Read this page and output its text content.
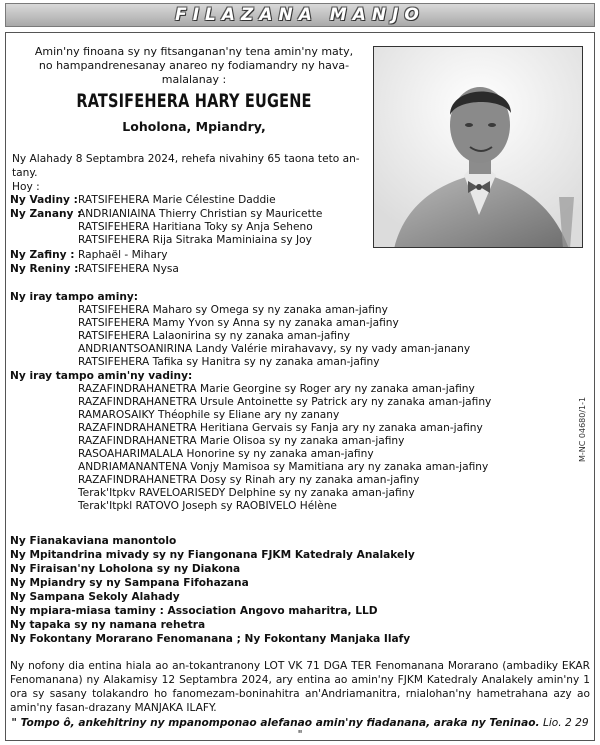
FILAZANA MANJO
Amin'ny finoana sy ny fitsanganan'ny tena amin'ny maty,
no hampandrenesanay anareo ny fodiamandry ny hava-malalanay :
RATSIFEHERA HARY EUGENE
Loholona, Mpiandry,
Ny Alahady 8 Septambra 2024, rehefa nivahiny 65 taona teto an-tany.
Hoy :
Ny Vadiny : RATSIFEHERA Marie Célestine Daddie
Ny Zanany :
ANDRIANIAINA Thierry Christian sy Mauricette
RATSIFEHERA Haritiana Toky sy Anja Seheno
RATSIFEHERA Rija Sitraka Maminiaina sy Joy
Ny Zafiny : Raphaël - Mihary
Ny Reniny : RATSIFEHERA Nysa
Ny iray tampo aminy:
RATSIFEHERA Maharo sy Omega sy ny zanaka aman-jafiny
RATSIFEHERA Mamy Yvon sy Anna sy ny zanaka aman-jafiny
RATSIFEHERA Lalaonirina sy ny zanaka aman-jafiny
ANDRIANTSOANIRINA Landy Valérie mirahavavy, sy ny vady aman-janany
RATSIFEHERA Tafika sy Hanitra sy ny zanaka aman-jafiny
Ny iray tampo amin'ny vadiny:
RAZAFINDRAHANETRA Marie Georgine sy Roger ary ny zanaka aman-jafiny
RAZAFINDRAHANETRA Ursule Antoinette sy Patrick ary ny zanaka aman-jafiny
RAMAROSAIKY Théophile sy Eliane ary ny zanany
RAZAFINDRAHANETRA Heritiana Gervais sy Fanja ary ny zanaka aman-jafiny
RAZAFINDRAHANETRA Marie Olisoa sy ny zanaka aman-jafiny
RASOAHARIMALALA Honorine sy ny zanaka aman-jafiny
ANDRIAMANANTENA Vonjy Mamisoa sy Mamitiana ary ny zanaka aman-jafiny
RAZAFINDRAHANETRA Dosy sy Rinah ary ny zanaka aman-jafiny
Terak'Itpkv RAVELOARISEDY Delphine sy ny zanaka aman-jafiny
Terak'Itpkl RATOVO Joseph sy RAOBIVELO Hélène
M-NC 04680/1-1
Ny Fianakaviana manontolo
Ny Mpitandrina mivady sy ny Fiangonana FJKM Katedraly Analakely
Ny Firaisan'ny Loholona sy ny Diakona
Ny Mpiandry sy ny Sampana Fifohazana
Ny Sampana Sekoly Alahady
Ny mpiara-miasa taminy : Association Angovo maharitra, LLD
Ny tapaka sy ny namana rehetra
Ny Fokontany Morarano Fenomanana ; Ny Fokontany Manjaka Ilafy
Ny nofony dia entina hiala ao an-tokantranony LOT VK 71 DGA TER Fenomanana Morarano (ambadiky EKAR Fenomanana) ny Alakamisy 12 Septambra 2024, ary entina ao amin'ny FJKM Katedraly Analakely amin'ny 1 ora sy sasany tolakandro ho fanomezam-boninahitra an'Andriamanitra, rnialohan'ny hametrahana azy ao amin'ny fasan-drazany MANJAKA ILAFY.
" Tompo ô, ankehitriny ny mpanomponao alefanao amin'ny fiadanana, araka ny Teninao. Lio. 2 29 "
